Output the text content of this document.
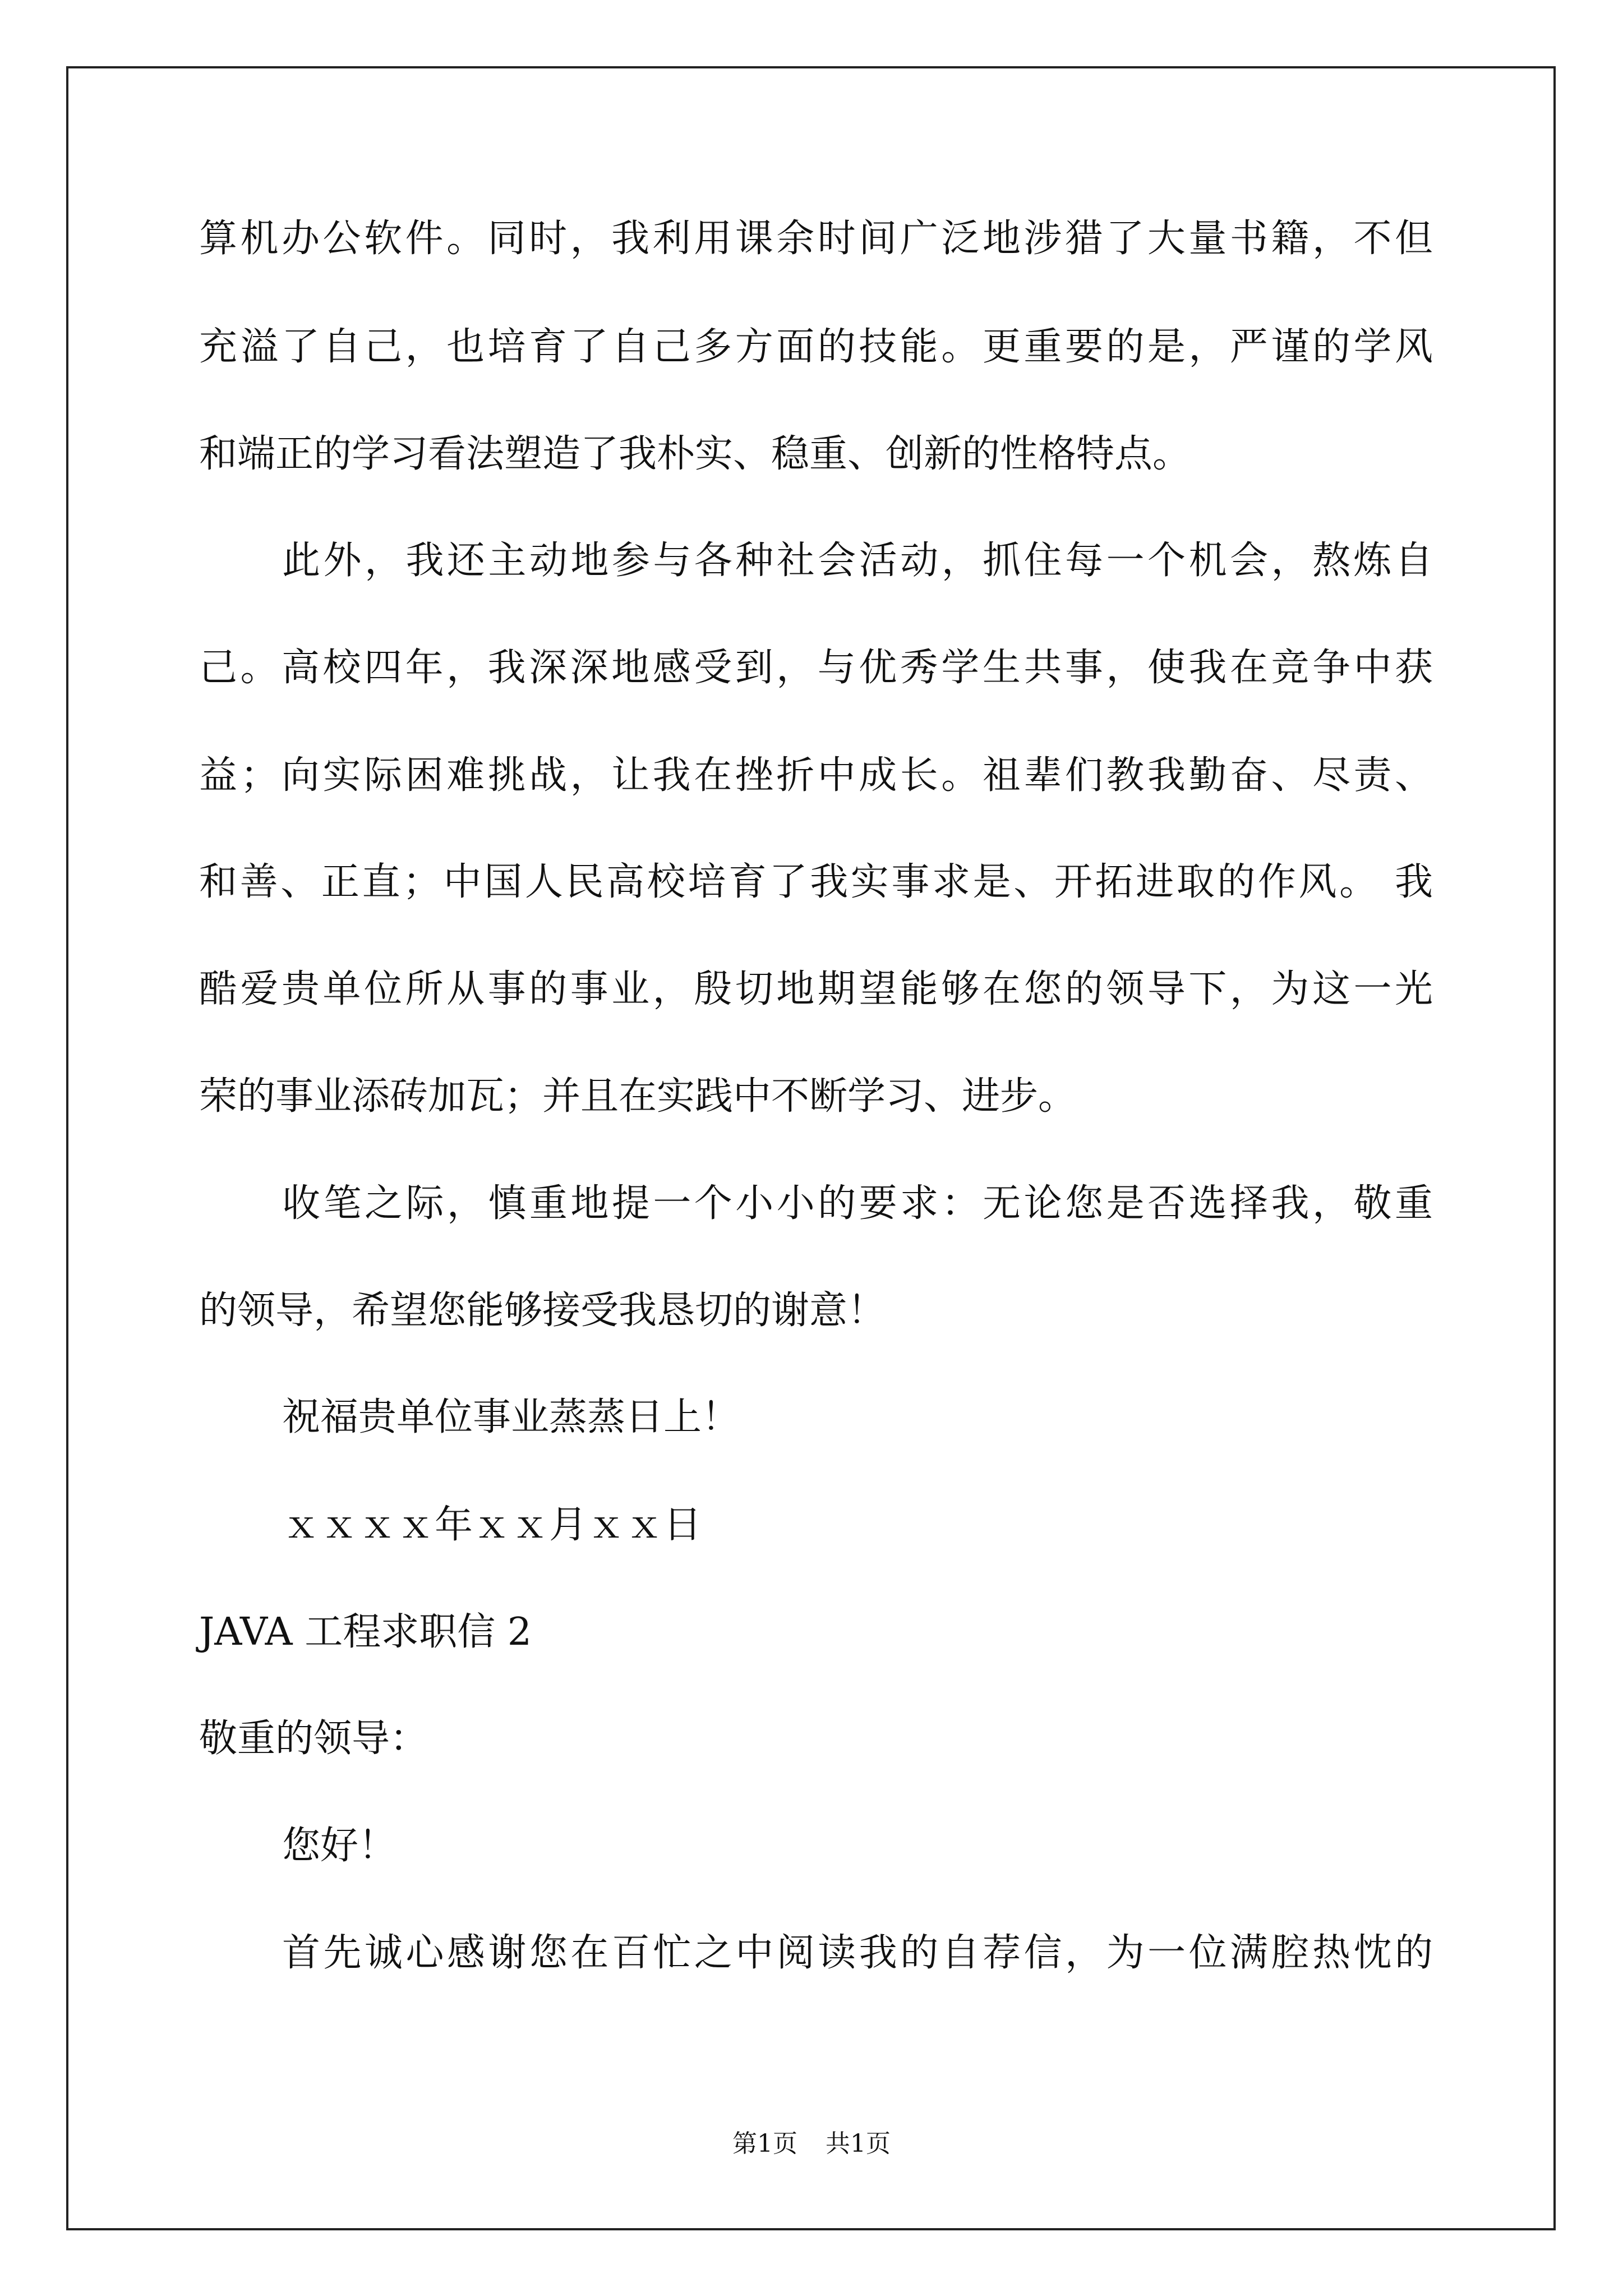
算机办公软件。同时，我利用课余时间广泛地涉猎了大量书籍，不但
充溢了自己，也培育了自己多方面的技能。更重要的是，严谨的学风
和端正的学习看法塑造了我朴实、稳重、创新的性格特点。
此外，我还主动地参与各种社会活动，抓住每一个机会，熬炼自
己。高校四年，我深深地感受到，与优秀学生共事，使我在竞争中获
益；向实际困难挑战，让我在挫折中成长。祖辈们教我勤奋、尽责、
和善、正直；中国人民高校培育了我实事求是、开拓进取的作风。 我
酷爱贵单位所从事的事业，殷切地期望能够在您的领导下，为这一光
荣的事业添砖加瓦；并且在实践中不断学习、进步。
收笔之际，慎重地提一个小小的要求：无论您是否选择我，敬重
的领导，希望您能够接受我恳切的谢意！
祝福贵单位事业蒸蒸日上！
ｘｘｘｘ年ｘｘ月ｘｘ日
JAVA 工程求职信 2
敬重的领导：
您好！
首先诚心感谢您在百忙之中阅读我的自荐信，为一位满腔热忱的
第1页 共1页
